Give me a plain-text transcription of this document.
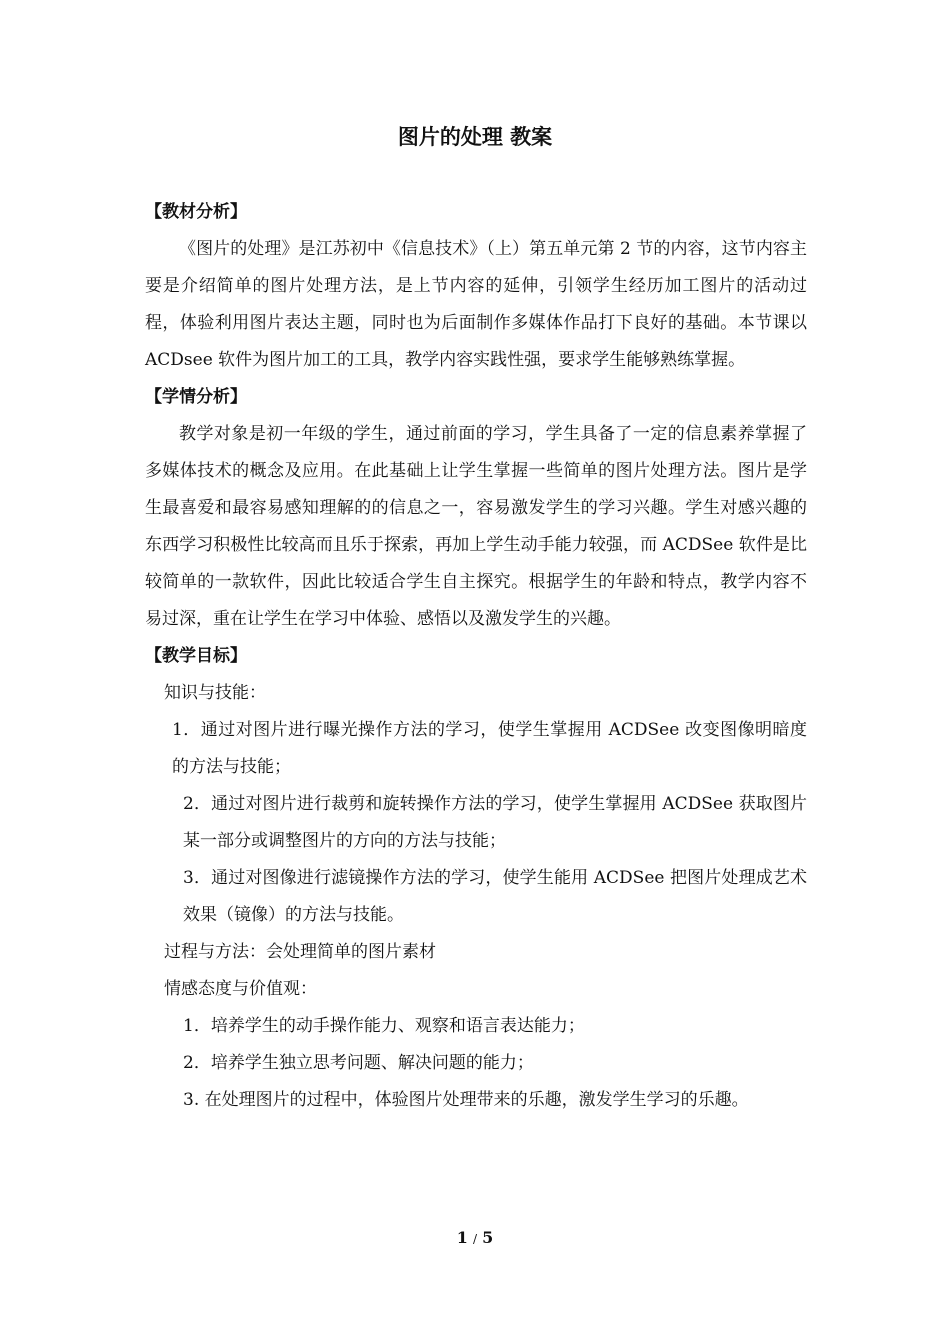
图片的处理 教案

【教材分析】

《图片的处理》是江苏初中《信息技术》（上）第五单元第 2 节的内容，这节内容主要是介绍简单的图片处理方法，是上节内容的延伸，引领学生经历加工图片的活动过程，体验利用图片表达主题，同时也为后面制作多媒体作品打下良好的基础。本节课以 ACDsee 软件为图片加工的工具，教学内容实践性强，要求学生能够熟练掌握。

【学情分析】

教学对象是初一年级的学生，通过前面的学习，学生具备了一定的信息素养掌握了多媒体技术的概念及应用。在此基础上让学生掌握一些简单的图片处理方法。图片是学生最喜爱和最容易感知理解的的信息之一，容易激发学生的学习兴趣。学生对感兴趣的东西学习积极性比较高而且乐于探索，再加上学生动手能力较强，而 ACDSee 软件是比较简单的一款软件，因此比较适合学生自主探究。根据学生的年龄和特点，教学内容不易过深，重在让学生在学习中体验、感悟以及激发学生的兴趣。

【教学目标】

知识与技能：

1．通过对图片进行曝光操作方法的学习，使学生掌握用 ACDSee 改变图像明暗度的方法与技能；

2．通过对图片进行裁剪和旋转操作方法的学习，使学生掌握用 ACDSee 获取图片某一部分或调整图片的方向的方法与技能；

3．通过对图像进行滤镜操作方法的学习，使学生能用 ACDSee 把图片处理成艺术效果（镜像）的方法与技能。

过程与方法：会处理简单的图片素材

情感态度与价值观：

1．培养学生的动手操作能力、观察和语言表达能力；

2．培养学生独立思考问题、解决问题的能力；

3. 在处理图片的过程中，体验图片处理带来的乐趣，激发学生学习的乐趣。

1 / 5
